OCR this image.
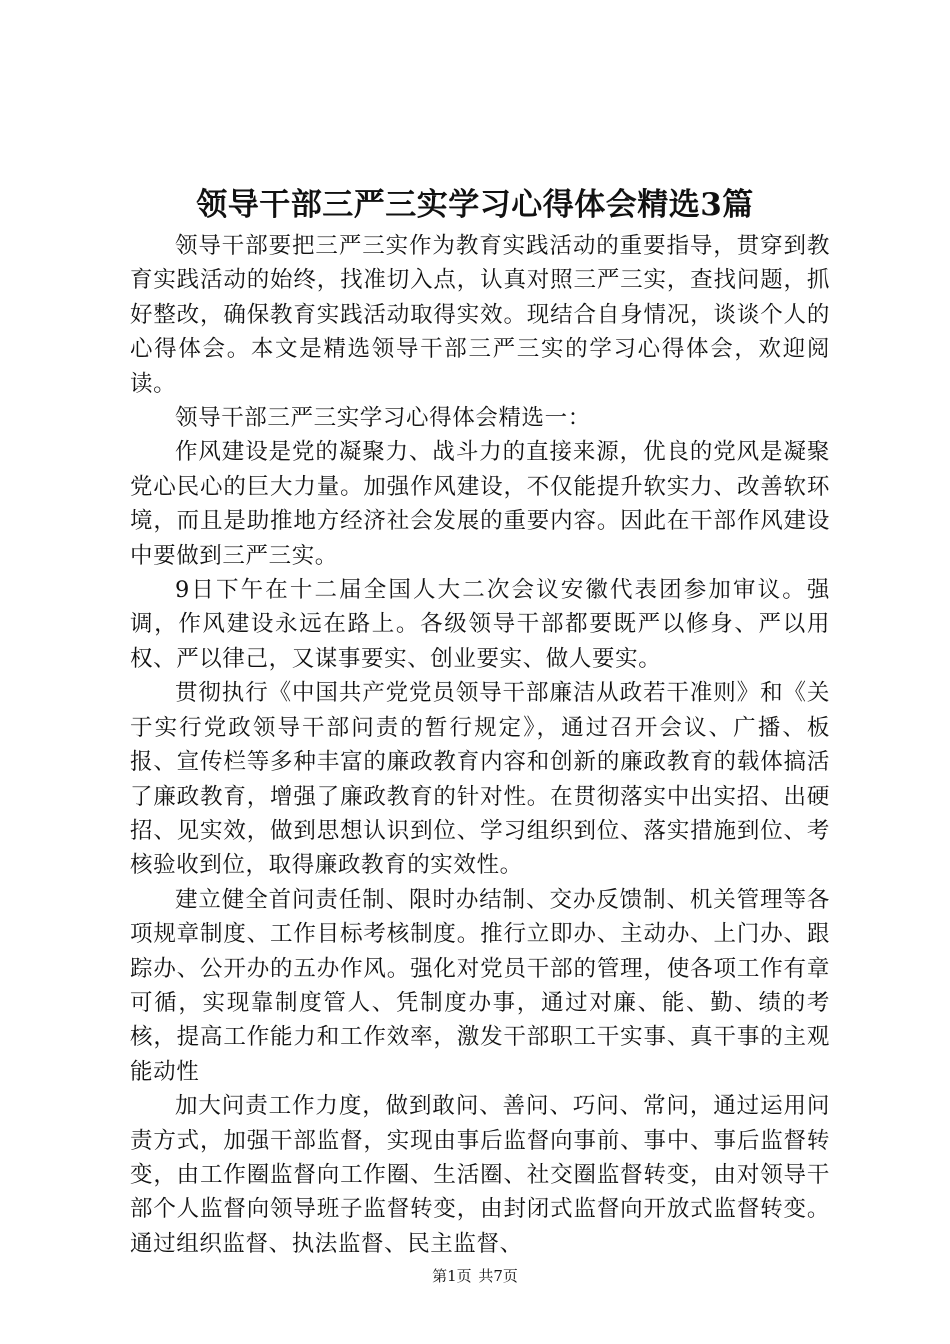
领导干部三严三实学习心得体会精选3篇

领导干部要把三严三实作为教育实践活动的重要指导，贯穿到教育实践活动的始终，找准切入点，认真对照三严三实，查找问题，抓好整改，确保教育实践活动取得实效。现结合自身情况，谈谈个人的心得体会。本文是精选领导干部三严三实的学习心得体会，欢迎阅读。

领导干部三严三实学习心得体会精选一：

作风建设是党的凝聚力、战斗力的直接来源，优良的党风是凝聚党心民心的巨大力量。加强作风建设，不仅能提升软实力、改善软环境，而且是助推地方经济社会发展的重要内容。因此在干部作风建设中要做到三严三实。

9日下午在十二届全国人大二次会议安徽代表团参加审议。强调，作风建设永远在路上。各级领导干部都要既严以修身、严以用权、严以律己，又谋事要实、创业要实、做人要实。

贯彻执行《中国共产党党员领导干部廉洁从政若干准则》和《关于实行党政领导干部问责的暂行规定》，通过召开会议、广播、板报、宣传栏等多种丰富的廉政教育内容和创新的廉政教育的载体搞活了廉政教育，增强了廉政教育的针对性。在贯彻落实中出实招、出硬招、见实效，做到思想认识到位、学习组织到位、落实措施到位、考核验收到位，取得廉政教育的实效性。

建立健全首问责任制、限时办结制、交办反馈制、机关管理等各项规章制度、工作目标考核制度。推行立即办、主动办、上门办、跟踪办、公开办的五办作风。强化对党员干部的管理，使各项工作有章可循，实现靠制度管人、凭制度办事，通过对廉、能、勤、绩的考核，提高工作能力和工作效率，激发干部职工干实事、真干事的主观能动性

加大问责工作力度，做到敢问、善问、巧问、常问，通过运用问责方式，加强干部监督，实现由事后监督向事前、事中、事后监督转变，由工作圈监督向工作圈、生活圈、社交圈监督转变，由对领导干部个人监督向领导班子监督转变，由封闭式监督向开放式监督转变。通过组织监督、执法监督、民主监督、

第1页 共7页
